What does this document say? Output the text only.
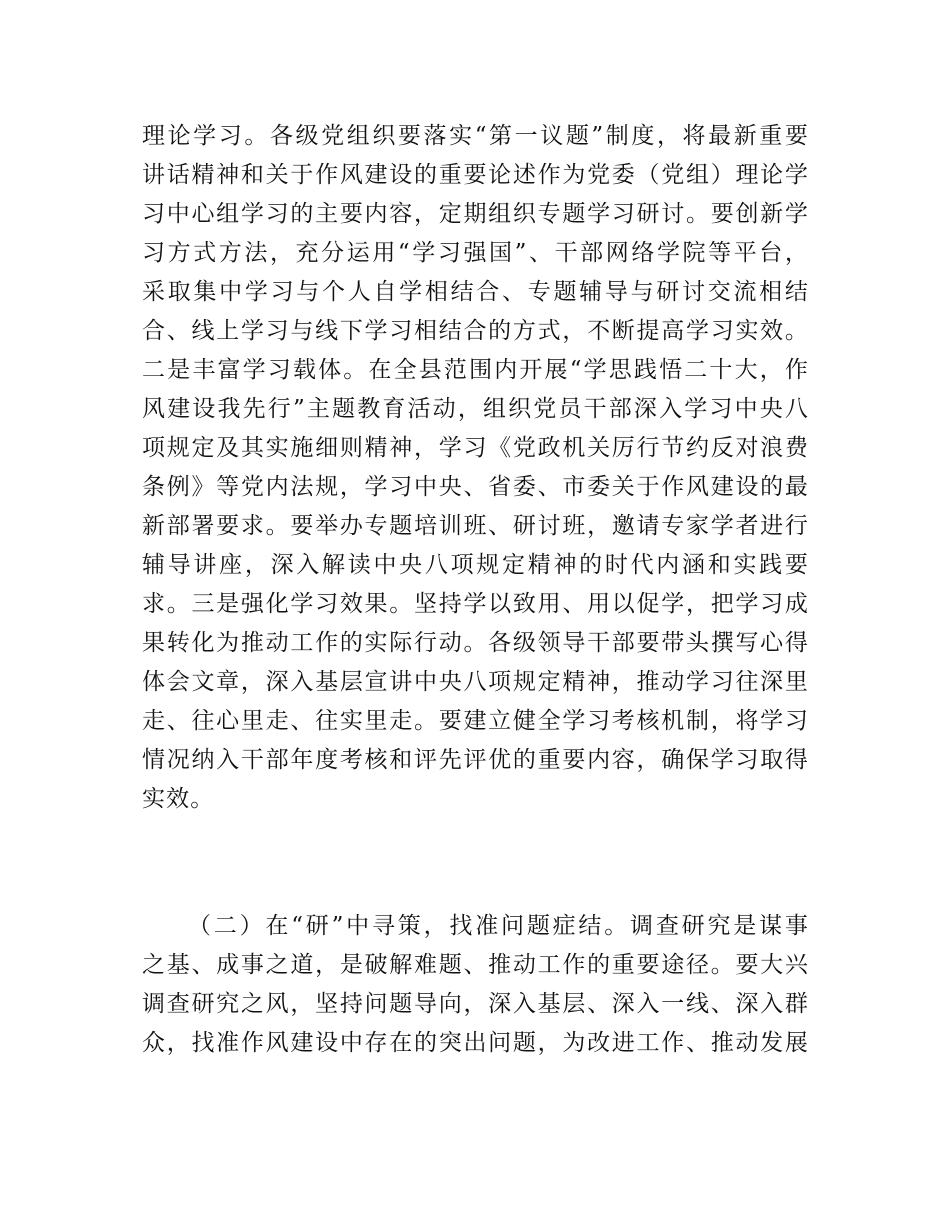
理论学习。各级党组织要落实“第一议题”制度，将最新重要
讲话精神和关于作风建设的重要论述作为党委（党组）理论学
习中心组学习的主要内容，定期组织专题学习研讨。要创新学
习方式方法，充分运用“学习强国”、干部网络学院等平台，
采取集中学习与个人自学相结合、专题辅导与研讨交流相结
合、线上学习与线下学习相结合的方式，不断提高学习实效。
二是丰富学习载体。在全县范围内开展“学思践悟二十大，作
风建设我先行”主题教育活动，组织党员干部深入学习中央八
项规定及其实施细则精神，学习《党政机关厉行节约反对浪费
条例》等党内法规，学习中央、省委、市委关于作风建设的最
新部署要求。要举办专题培训班、研讨班，邀请专家学者进行
辅导讲座，深入解读中央八项规定精神的时代内涵和实践要
求。三是强化学习效果。坚持学以致用、用以促学，把学习成
果转化为推动工作的实际行动。各级领导干部要带头撰写心得
体会文章，深入基层宣讲中央八项规定精神，推动学习往深里
走、往心里走、往实里走。要建立健全学习考核机制，将学习
情况纳入干部年度考核和评先评优的重要内容，确保学习取得
实效。
（二）在“研”中寻策，找准问题症结。调查研究是谋事
之基、成事之道，是破解难题、推动工作的重要途径。要大兴
调查研究之风，坚持问题导向，深入基层、深入一线、深入群
众，找准作风建设中存在的突出问题，为改进工作、推动发展
